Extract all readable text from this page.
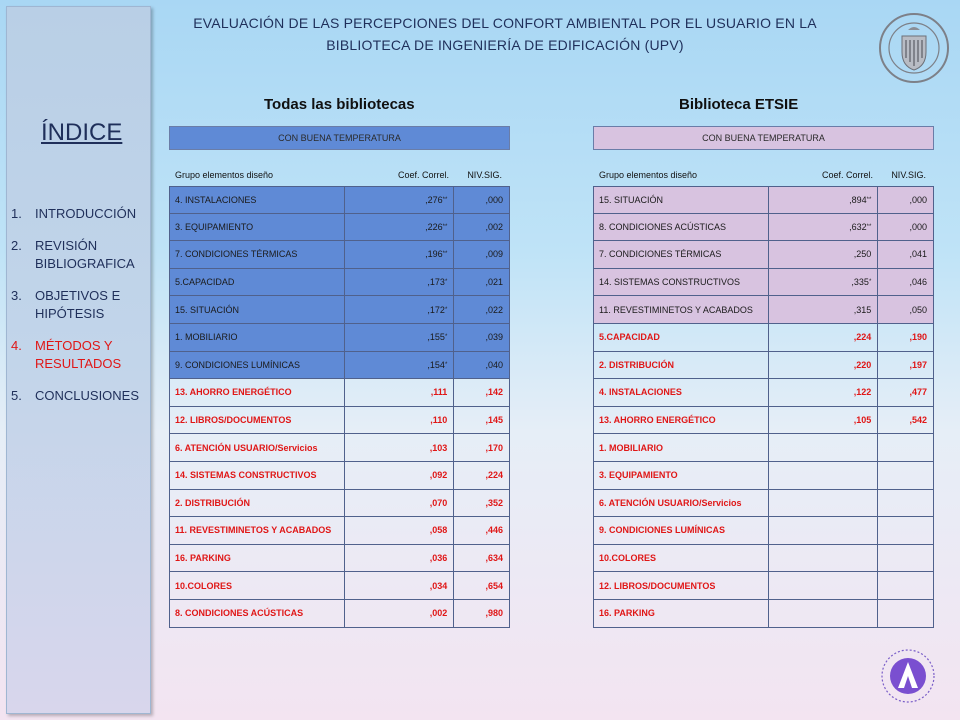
ÍNDICE
1.	INTRODUCCIÓN
2.	REVISIÓN BIBLIOGRAFICA
3.	OBJETIVOS E HIPÓTESIS
4.	MÉTODOS Y RESULTADOS
5.	CONCLUSIONES
EVALUACIÓN DE LAS PERCEPCIONES DEL CONFORT AMBIENTAL POR EL USUARIO EN LA
BIBLIOTECA DE INGENIERÍA DE EDIFICACIÓN (UPV)
Todas las bibliotecas	Biblioteca ETSIE
CON BUENA TEMPERATURA
Grupo elementos diseño	Coef. Correl.	NIV.SIG.
4. INSTALACIONES	,276 **	,000
3. EQUIPAMIENTO	,226 **	,002
7. CONDICIONES TÉRMICAS	,196 **	,009
5.CAPACIDAD	,173 *	,021
15. SITUACIÓN	,172 *	,022
1. MOBILIARIO	,155 *	,039
9. CONDICIONES LUMÍNICAS	,154 *	,040
13. AHORRO ENERGÉTICO	,111	,142
12. LIBROS/DOCUMENTOS	,110	,145
6. ATENCIÓN USUARIO/Servicios	,103	,170
14. SISTEMAS CONSTRUCTIVOS	,092	,224
2. DISTRIBUCIÓN	,070	,352
11. REVESTIMINETOS Y ACABADOS	,058	,446
16. PARKING	,036	,634
10.COLORES	,034	,654
8. CONDICIONES ACÚSTICAS	,002	,980
CON BUENA TEMPERATURA
Grupo elementos diseño	Coef. Correl.	NIV.SIG.
15. SITUACIÓN	,894 **	,000
8. CONDICIONES ACÚSTICAS	,632 **	,000
7. CONDICIONES TÉRMICAS	,250	,041
14. SISTEMAS CONSTRUCTIVOS	,335 *	,046
11. REVESTIMINETOS Y ACABADOS	,315	,050
5.CAPACIDAD	,224	,190
2. DISTRIBUCIÓN	,220	,197
4. INSTALACIONES	,122	,477
13. AHORRO ENERGÉTICO	,105	,542
1. MOBILIARIO
3. EQUIPAMIENTO
6. ATENCIÓN USUARIO/Servicios
9. CONDICIONES LUMÍNICAS
10.COLORES
12. LIBROS/DOCUMENTOS
16. PARKING
